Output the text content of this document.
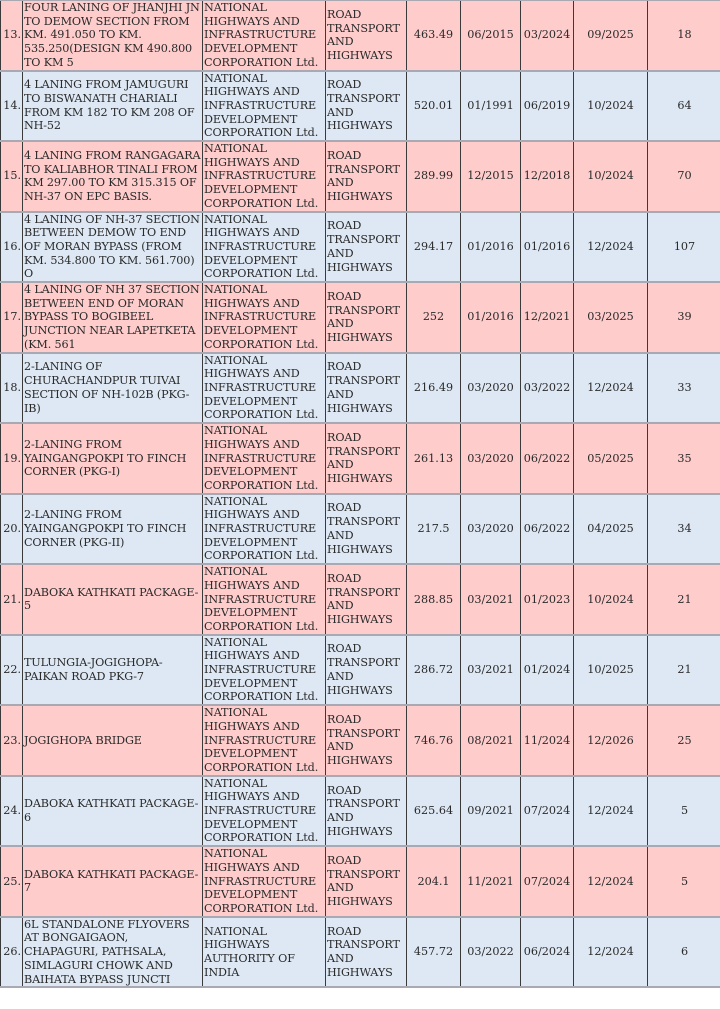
13.	FOUR LANING OF JHANJHI JN TO DEMOW SECTION FROM KM. 491.050 TO KM. 535.250(DESIGN KM 490.800 TO KM 5	NATIONAL HIGHWAYS AND INFRASTRUCTURE DEVELOPMENT CORPORATION Ltd.	ROAD TRANSPORT AND HIGHWAYS	463.49	06/2015	03/2024	09/2025	18
14.	4 LANING FROM JAMUGURI TO BISWANATH CHARIALI FROM KM 182 TO KM 208 OF NH-52	NATIONAL HIGHWAYS AND INFRASTRUCTURE DEVELOPMENT CORPORATION Ltd.	ROAD TRANSPORT AND HIGHWAYS	520.01	01/1991	06/2019	10/2024	64
15.	4 LANING FROM RANGAGARA TO KALIABHOR TINALI FROM KM 297.00 TO KM 315.315 OF NH-37 ON EPC BASIS.	NATIONAL HIGHWAYS AND INFRASTRUCTURE DEVELOPMENT CORPORATION Ltd.	ROAD TRANSPORT AND HIGHWAYS	289.99	12/2015	12/2018	10/2024	70
16.	4 LANING OF NH-37 SECTION BETWEEN DEMOW TO END OF MORAN BYPASS (FROM KM. 534.800 TO KM. 561.700) O	NATIONAL HIGHWAYS AND INFRASTRUCTURE DEVELOPMENT CORPORATION Ltd.	ROAD TRANSPORT AND HIGHWAYS	294.17	01/2016	01/2016	12/2024	107
17.	4 LANING OF NH 37 SECTION BETWEEN END OF MORAN BYPASS TO BOGIBEEL JUNCTION NEAR LAPETKETA (KM. 561	NATIONAL HIGHWAYS AND INFRASTRUCTURE DEVELOPMENT CORPORATION Ltd.	ROAD TRANSPORT AND HIGHWAYS	252	01/2016	12/2021	03/2025	39
18.	2-LANING OF CHURACHANDPUR TUIVAI SECTION OF NH-102B (PKG- IB)	NATIONAL HIGHWAYS AND INFRASTRUCTURE DEVELOPMENT CORPORATION Ltd.	ROAD TRANSPORT AND HIGHWAYS	216.49	03/2020	03/2022	12/2024	33
19.	2-LANING FROM YAINGANGPOKPI TO FINCH CORNER (PKG-I)	NATIONAL HIGHWAYS AND INFRASTRUCTURE DEVELOPMENT CORPORATION Ltd.	ROAD TRANSPORT AND HIGHWAYS	261.13	03/2020	06/2022	05/2025	35
20.	2-LANING FROM YAINGANGPOKPI TO FINCH CORNER (PKG-II)	NATIONAL HIGHWAYS AND INFRASTRUCTURE DEVELOPMENT CORPORATION Ltd.	ROAD TRANSPORT AND HIGHWAYS	217.5	03/2020	06/2022	04/2025	34
21.	DABOKA KATHKATI PACKAGE-5	NATIONAL HIGHWAYS AND INFRASTRUCTURE DEVELOPMENT CORPORATION Ltd.	ROAD TRANSPORT AND HIGHWAYS	288.85	03/2021	01/2023	10/2024	21
22.	TULUNGIA-JOGIGHOPA-PAIKAN ROAD PKG-7	NATIONAL HIGHWAYS AND INFRASTRUCTURE DEVELOPMENT CORPORATION Ltd.	ROAD TRANSPORT AND HIGHWAYS	286.72	03/2021	01/2024	10/2025	21
23.	JOGIGHOPA BRIDGE	NATIONAL HIGHWAYS AND INFRASTRUCTURE DEVELOPMENT CORPORATION Ltd.	ROAD TRANSPORT AND HIGHWAYS	746.76	08/2021	11/2024	12/2026	25
24.	DABOKA KATHKATI PACKAGE-6	NATIONAL HIGHWAYS AND INFRASTRUCTURE DEVELOPMENT CORPORATION Ltd.	ROAD TRANSPORT AND HIGHWAYS	625.64	09/2021	07/2024	12/2024	5
25.	DABOKA KATHKATI PACKAGE-7	NATIONAL HIGHWAYS AND INFRASTRUCTURE DEVELOPMENT CORPORATION Ltd.	ROAD TRANSPORT AND HIGHWAYS	204.1	11/2021	07/2024	12/2024	5
26.	6L STANDALONE FLYOVERS AT BONGAIGAON, CHAPAGURI, PATHSALA, SIMLAGURI CHOWK AND BAIHATA BYPASS JUNCTI	NATIONAL HIGHWAYS AUTHORITY OF INDIA	ROAD TRANSPORT AND HIGHWAYS	457.72	03/2022	06/2024	12/2024	6
